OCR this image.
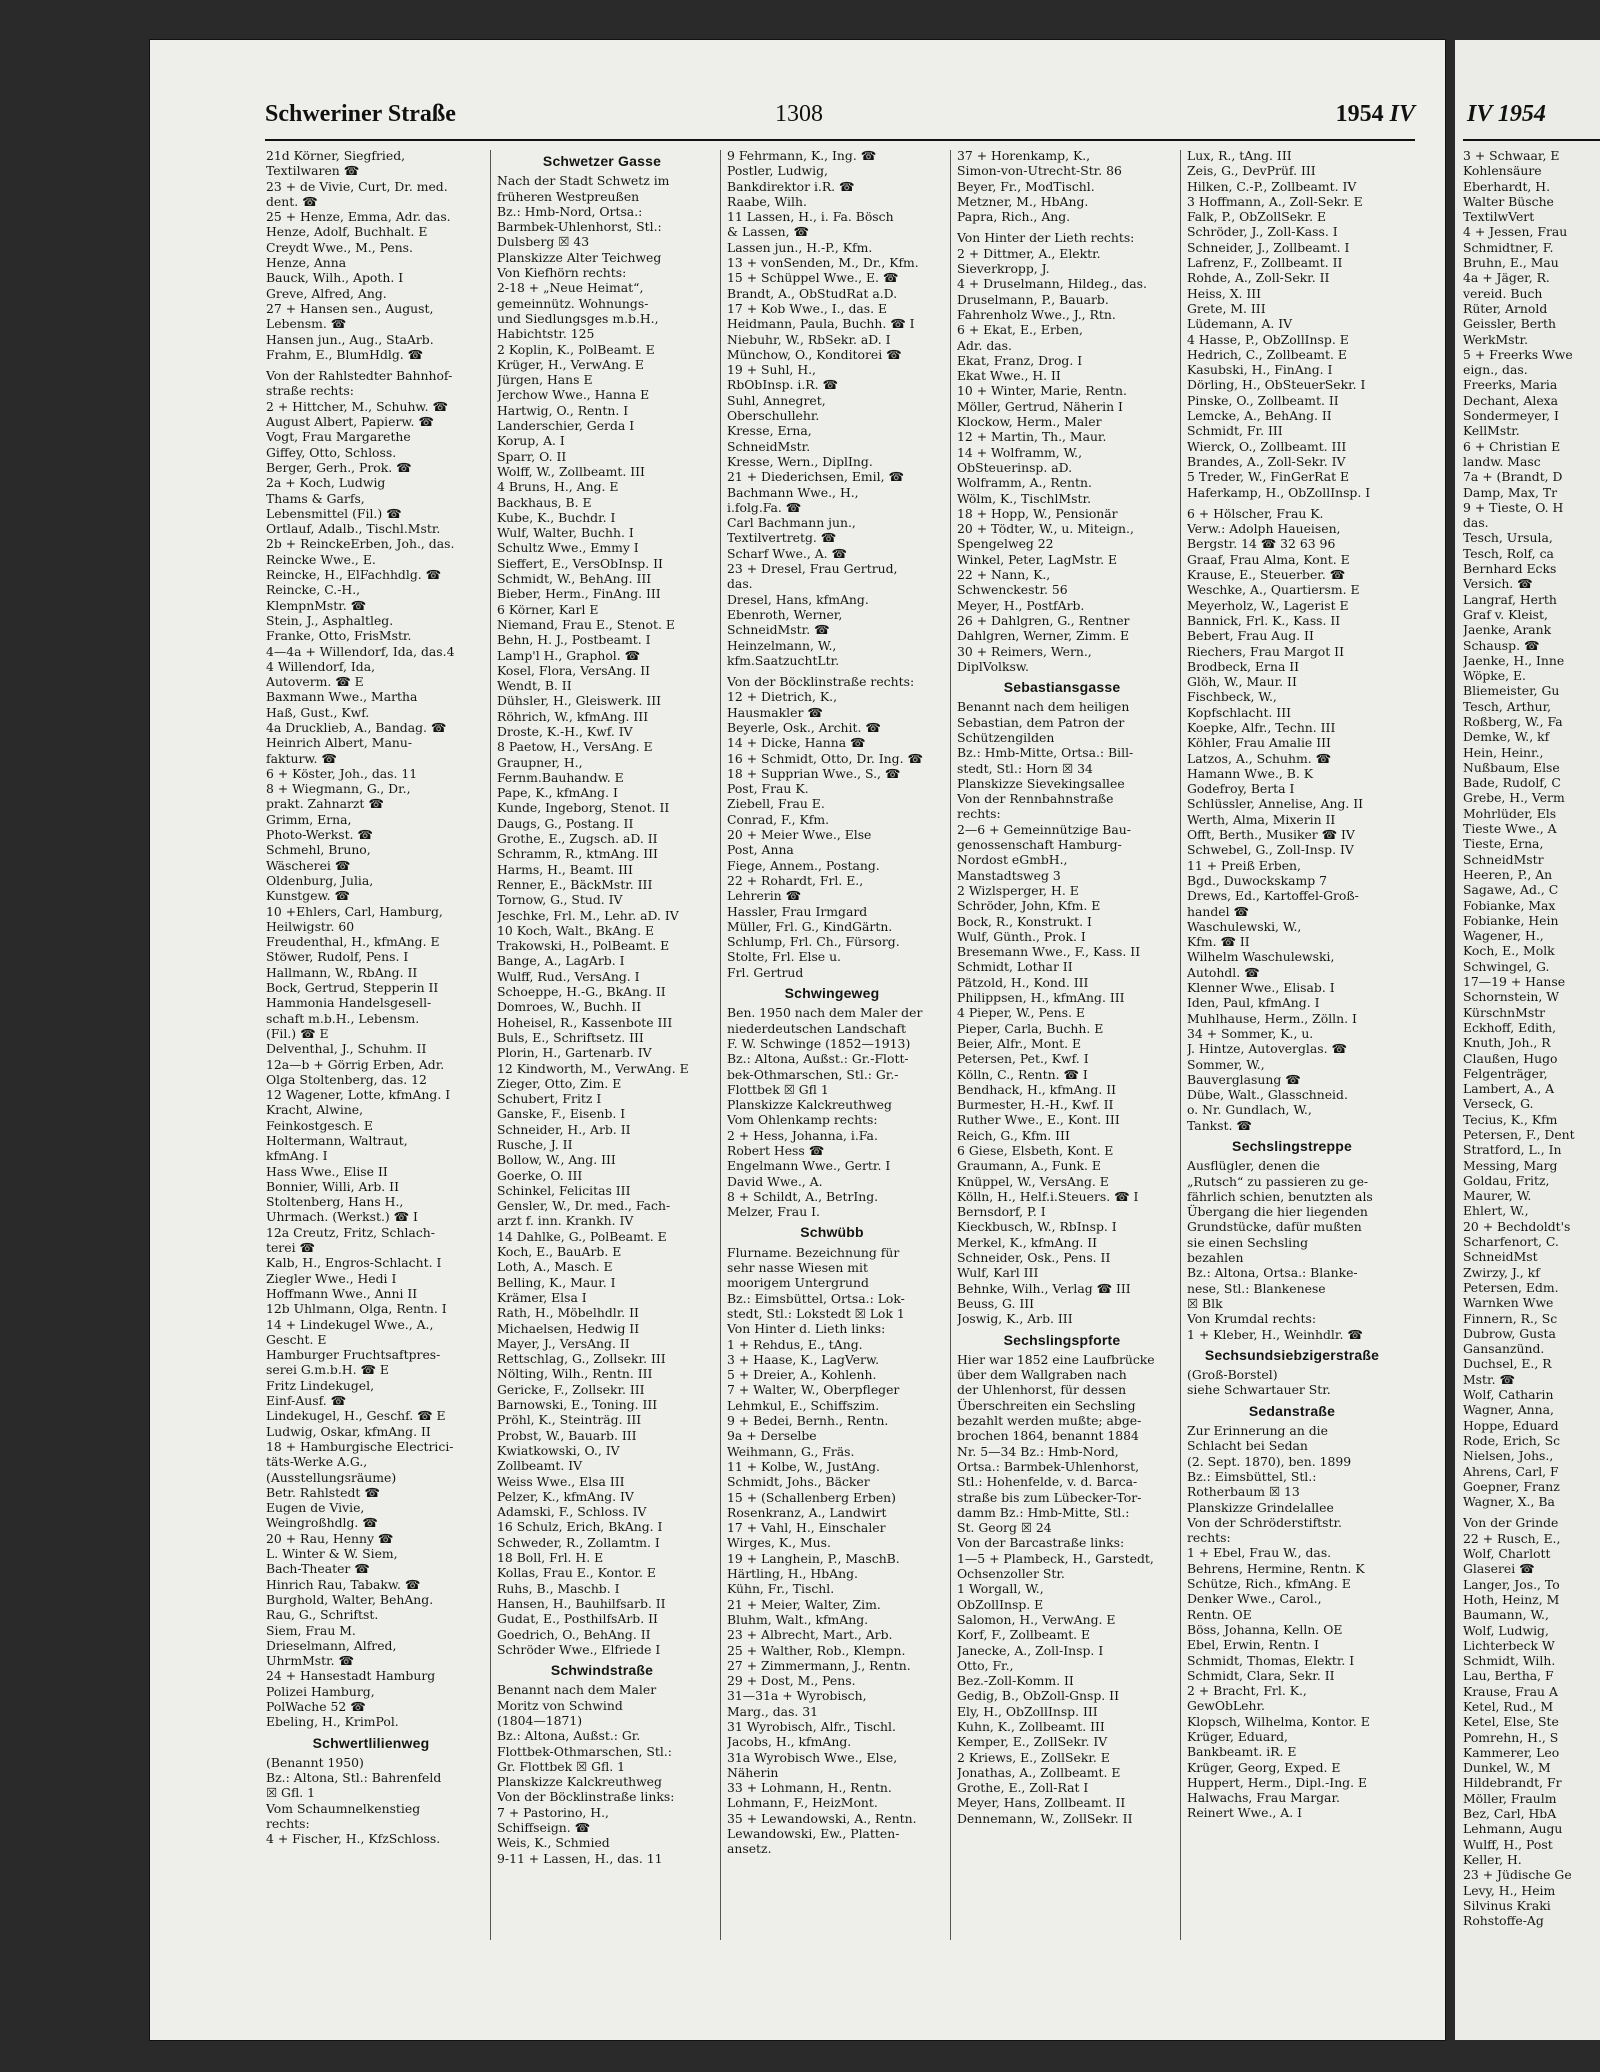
Schweriner Straße	1308	1954 IV
21d Körner, Siegfried,
Textilwaren ☎
23 + de Vivie, Curt, Dr. med.
dent. ☎
25 + Henze, Emma, Adr. das.
Henze, Adolf, Buchhalt. E
Creydt Wwe., M., Pens.
Henze, Anna
Bauck, Wilh., Apoth. I
Greve, Alfred, Ang.
27 + Hansen sen., August,
Lebensm. ☎
Hansen jun., Aug., StaArb.
Frahm, E., BlumHdlg. ☎
Von der Rahlstedter Bahnhof-
straße rechts:
2 + Hittcher, M., Schuhw. ☎
August Albert, Papierw. ☎
Vogt, Frau Margarethe
Giffey, Otto, Schloss.
Berger, Gerh., Prok. ☎
2a + Koch, Ludwig
Thams & Garfs,
Lebensmittel (Fil.) ☎
Ortlauf, Adalb., Tischl.Mstr.
2b + ReinckeErben, Joh., das.
Reincke Wwe., E.
Reincke, H., ElFachhdlg. ☎
Reincke, C.-H.,
KlempnMstr. ☎
Stein, J., Asphaltleg.
Franke, Otto, FrisMstr.
4—4a + Willendorf, Ida, das.4
4 Willendorf, Ida,
Autoverm. ☎ E
Baxmann Wwe., Martha
Haß, Gust., Kwf.
4a Drucklieb, A., Bandag. ☎
Heinrich Albert, Manu-
fakturw. ☎
6 + Köster, Joh., das. 11
8 + Wiegmann, G., Dr.,
prakt. Zahnarzt ☎
Grimm, Erna,
Photo-Werkst. ☎
Schmehl, Bruno,
Wäscherei ☎
Oldenburg, Julia,
Kunstgew. ☎
10 +Ehlers, Carl, Hamburg,
Heilwigstr. 60
Freudenthal, H., kfmAng. E
Stöwer, Rudolf, Pens. I
Hallmann, W., RbAng. II
Bock, Gertrud, Stepperin II
Hammonia Handelsgesell-
schaft m.b.H., Lebensm.
(Fil.) ☎ E
Delventhal, J., Schuhm. II
12a—b + Görrig Erben, Adr.
Olga Stoltenberg, das. 12
12 Wagener, Lotte, kfmAng. I
Kracht, Alwine,
Feinkostgesch. E
Holtermann, Waltraut,
kfmAng. I
Hass Wwe., Elise II
Bonnier, Willi, Arb. II
Stoltenberg, Hans H.,
Uhrmach. (Werkst.) ☎ I
12a Creutz, Fritz, Schlach-
terei ☎
Kalb, H., Engros-Schlacht. I
Ziegler Wwe., Hedi I
Hoffmann Wwe., Anni II
12b Uhlmann, Olga, Rentn. I
14 + Lindekugel Wwe., A.,
Gescht. E
Hamburger Fruchtsaftpres-
serei G.m.b.H. ☎ E
Fritz Lindekugel,
Einf-Ausf. ☎
Lindekugel, H., Geschf. ☎ E
Ludwig, Oskar, kfmAng. II
18 + Hamburgische Electrici-
täts-Werke A.G.,
(Ausstellungsräume)
Betr. Rahlstedt ☎
Eugen de Vivie,
Weingroßhdlg. ☎
20 + Rau, Henny ☎
L. Winter & W. Siem,
Bach-Theater ☎
Hinrich Rau, Tabakw. ☎
Burghold, Walter, BehAng.
Rau, G., Schriftst.
Siem, Frau M.
Drieselmann, Alfred,
UhrmMstr. ☎
24 + Hansestadt Hamburg
Polizei Hamburg,
PolWache 52 ☎
Ebeling, H., KrimPol.
Schwertlilienweg
(Benannt 1950)
Bz.: Altona, Stl.: Bahrenfeld
☒ Gfl. 1
Vom Schaumnelkenstieg
rechts:
4 + Fischer, H., KfzSchloss.
Schwetzer Gasse
Nach der Stadt Schwetz im
früheren Westpreußen
Bz.: Hmb-Nord, Ortsa.:
Barmbek-Uhlenhorst, Stl.:
Dulsberg ☒ 43
Planskizze Alter Teichweg
Von Kiefhörn rechts:
2-18 + „Neue Heimat“,
gemeinnütz. Wohnungs-
und Siedlungsges m.b.H.,
Habichtstr. 125
2 Koplin, K., PolBeamt. E
Krüger, H., VerwAng. E
Jürgen, Hans E
Jerchow Wwe., Hanna E
Hartwig, O., Rentn. I
Landerschier, Gerda I
Korup, A. I
Sparr, O. II
Wolff, W., Zollbeamt. III
4 Bruns, H., Ang. E
Backhaus, B. E
Kube, K., Buchdr. I
Wulf, Walter, Buchh. I
Schultz Wwe., Emmy I
Sieffert, E., VersObInsp. II
Schmidt, W., BehAng. III
Bieber, Herm., FinAng. III
6 Körner, Karl E
Niemand, Frau E., Stenot. E
Behn, H. J., Postbeamt. I
Lamp'l H., Graphol. ☎
Kosel, Flora, VersAng. II
Wendt, B. II
Dühsler, H., Gleiswerk. III
Röhrich, W., kfmAng. III
Droste, K.-H., Kwf. IV
8 Paetow, H., VersAng. E
Graupner, H.,
Fernm.Bauhandw. E
Pape, K., kfmAng. I
Kunde, Ingeborg, Stenot. II
Daugs, G., Postang. II
Grothe, E., Zugsch. aD. II
Schramm, R., ktmAng. III
Harms, H., Beamt. III
Renner, E., BäckMstr. III
Tornow, G., Stud. IV
Jeschke, Frl. M., Lehr. aD. IV
10 Koch, Walt., BkAng. E
Trakowski, H., PolBeamt. E
Bange, A., LagArb. I
Wulff, Rud., VersAng. I
Schoeppe, H.-G., BkAng. II
Domroes, W., Buchh. II
Hoheisel, R., Kassenbote III
Buls, E., Schriftsetz. III
Plorin, H., Gartenarb. IV
12 Kindworth, M., VerwAng. E
Zieger, Otto, Zim. E
Schubert, Fritz I
Ganske, F., Eisenb. I
Schneider, H., Arb. II
Rusche, J. II
Bollow, W., Ang. III
Goerke, O. III
Schinkel, Felicitas III
Gensler, W., Dr. med., Fach-
arzt f. inn. Krankh. IV
14 Dahlke, G., PolBeamt. E
Koch, E., BauArb. E
Loth, A., Masch. E
Belling, K., Maur. I
Krämer, Elsa I
Rath, H., Möbelhdlr. II
Michaelsen, Hedwig II
Mayer, J., VersAng. II
Rettschlag, G., Zollsekr. III
Nölting, Wilh., Rentn. III
Gericke, F., Zollsekr. III
Barnowski, E., Toning. III
Pröhl, K., Steinträg. III
Probst, W., Bauarb. III
Kwiatkowski, O., IV
Zollbeamt. IV
Weiss Wwe., Elsa III
Pelzer, K., kfmAng. IV
Adamski, F., Schloss. IV
16 Schulz, Erich, BkAng. I
Schweder, R., Zollamtm. I
18 Boll, Frl. H. E
Kollas, Frau E., Kontor. E
Ruhs, B., Maschb. I
Hansen, H., Bauhilfsarb. II
Gudat, E., PosthilfsArb. II
Goedrich, O., BehAng. II
Schröder Wwe., Elfriede I
Schwindstraße
Benannt nach dem Maler
Moritz von Schwind
(1804—1871)
Bz.: Altona, Außst.: Gr.
Flottbek-Othmarschen, Stl.:
Gr. Flottbek ☒ Gfl. 1
Planskizze Kalckreuthweg
Von der Böcklinstraße links:
7 + Pastorino, H.,
Schiffseign. ☎
Weis, K., Schmied
9-11 + Lassen, H., das. 11
9 Fehrmann, K., Ing. ☎
Postler, Ludwig,
Bankdirektor i.R. ☎
Raabe, Wilh.
11 Lassen, H., i. Fa. Bösch
& Lassen, ☎
Lassen jun., H.-P., Kfm.
13 + vonSenden, M., Dr., Kfm.
15 + Schüppel Wwe., E. ☎
Brandt, A., ObStudRat a.D.
17 + Kob Wwe., I., das. E
Heidmann, Paula, Buchh. ☎ I
Niebuhr, W., RbSekr. aD. I
Münchow, O., Konditorei ☎
19 + Suhl, H.,
RbObInsp. i.R. ☎
Suhl, Annegret,
Oberschullehr.
Kresse, Erna,
SchneidMstr.
Kresse, Wern., DiplIng.
21 + Diederichsen, Emil, ☎
Bachmann Wwe., H.,
i.folg.Fa. ☎
Carl Bachmann jun.,
Textilvertretg. ☎
Scharf Wwe., A. ☎
23 + Dresel, Frau Gertrud,
das.
Dresel, Hans, kfmAng.
Ebenroth, Werner,
SchneidMstr. ☎
Heinzelmann, W.,
kfm.SaatzuchtLtr.
Von der Böcklinstraße rechts:
12 + Dietrich, K.,
Hausmakler ☎
Beyerle, Osk., Archit. ☎
14 + Dicke, Hanna ☎
16 + Schmidt, Otto, Dr. Ing. ☎
18 + Supprian Wwe., S., ☎
Post, Frau K.
Ziebell, Frau E.
Conrad, F., Kfm.
20 + Meier Wwe., Else
Post, Anna
Fiege, Annem., Postang.
22 + Rohardt, Frl. E.,
Lehrerin ☎
Hassler, Frau Irmgard
Müller, Frl. G., KindGärtn.
Schlump, Frl. Ch., Fürsorg.
Stolte, Frl. Else u.
Frl. Gertrud
Schwingeweg
Ben. 1950 nach dem Maler der
niederdeutschen Landschaft
F. W. Schwinge (1852—1913)
Bz.: Altona, Außst.: Gr.-Flott-
bek-Othmarschen, Stl.: Gr.-
Flottbek ☒ Gfl 1
Planskizze Kalckreuthweg
Vom Ohlenkamp rechts:
2 + Hess, Johanna, i.Fa.
Robert Hess ☎
Engelmann Wwe., Gertr. I
David Wwe., A.
8 + Schildt, A., BetrIng.
Melzer, Frau I.
Schwübb
Flurname. Bezeichnung für
sehr nasse Wiesen mit
moorigem Untergrund
Bz.: Eimsbüttel, Ortsa.: Lok-
stedt, Stl.: Lokstedt ☒ Lok 1
Von Hinter d. Lieth links:
1 + Rehdus, E., tAng.
3 + Haase, K., LagVerw.
5 + Dreier, A., Kohlenh.
7 + Walter, W., Oberpfleger
Lehmkul, E., Schiffszim.
9 + Bedei, Bernh., Rentn.
9a + Derselbe
Weihmann, G., Fräs.
11 + Kolbe, W., JustAng.
Schmidt, Johs., Bäcker
15 + (Schallenberg Erben)
Rosenkranz, A., Landwirt
17 + Vahl, H., Einschaler
Wirges, K., Mus.
19 + Langhein, P., MaschB.
Härtling, H., HbAng.
Kühn, Fr., Tischl.
21 + Meier, Walter, Zim.
Bluhm, Walt., kfmAng.
23 + Albrecht, Mart., Arb.
25 + Walther, Rob., Klempn.
27 + Zimmermann, J., Rentn.
29 + Dost, M., Pens.
31—31a + Wyrobisch,
Marg., das. 31
31 Wyrobisch, Alfr., Tischl.
Jacobs, H., kfmAng.
31a Wyrobisch Wwe., Else,
Näherin
33 + Lohmann, H., Rentn.
Lohmann, F., HeizMont.
35 + Lewandowski, A., Rentn.
Lewandowski, Ew., Platten-
ansetz.
37 + Horenkamp, K.,
Simon-von-Utrecht-Str. 86
Beyer, Fr., ModTischl.
Metzner, M., HbAng.
Papra, Rich., Ang.
Von Hinter der Lieth rechts:
2 + Dittmer, A., Elektr.
Sieverkropp, J.
4 + Druselmann, Hildeg., das.
Druselmann, P., Bauarb.
Fahrenholz Wwe., J., Rtn.
6 + Ekat, E., Erben,
Adr. das.
Ekat, Franz, Drog. I
Ekat Wwe., H. II
10 + Winter, Marie, Rentn.
Möller, Gertrud, Näherin I
Klockow, Herm., Maler
12 + Martin, Th., Maur.
14 + Wolframm, W.,
ObSteuerinsp. aD.
Wolframm, A., Rentn.
Wölm, K., TischlMstr.
18 + Hopp, W., Pensionär
20 + Tödter, W., u. Miteign.,
Spengelweg 22
Winkel, Peter, LagMstr. E
22 + Nann, K.,
Schwenckestr. 56
Meyer, H., PostfArb.
26 + Dahlgren, G., Rentner
Dahlgren, Werner, Zimm. E
30 + Reimers, Wern.,
DiplVolksw.
Sebastiansgasse
Benannt nach dem heiligen
Sebastian, dem Patron der
Schützengilden
Bz.: Hmb-Mitte, Ortsa.: Bill-
stedt, Stl.: Horn ☒ 34
Planskizze Sievekingsallee
Von der Rennbahnstraße
rechts:
2—6 + Gemeinnützige Bau-
genossenschaft Hamburg-
Nordost eGmbH.,
Manstadtsweg 3
2 Wizlsperger, H. E
Schröder, John, Kfm. E
Bock, R., Konstrukt. I
Wulf, Günth., Prok. I
Bresemann Wwe., F., Kass. II
Schmidt, Lothar II
Pätzold, H., Kond. III
Philippsen, H., kfmAng. III
4 Pieper, W., Pens. E
Pieper, Carla, Buchh. E
Beier, Alfr., Mont. E
Petersen, Pet., Kwf. I
Kölln, C., Rentn. ☎ I
Bendhack, H., kfmAng. II
Burmester, H.-H., Kwf. II
Ruther Wwe., E., Kont. III
Reich, G., Kfm. III
6 Giese, Elsbeth, Kont. E
Graumann, A., Funk. E
Knüppel, W., VersAng. E
Kölln, H., Helf.i.Steuers. ☎ I
Bernsdorf, P. I
Kieckbusch, W., RbInsp. I
Merkel, K., kfmAng. II
Schneider, Osk., Pens. II
Wulf, Karl III
Behnke, Wilh., Verlag ☎ III
Beuss, G. III
Joswig, K., Arb. III
Sechslingspforte
Hier war 1852 eine Laufbrücke
über dem Wallgraben nach
der Uhlenhorst, für dessen
Überschreiten ein Sechsling
bezahlt werden mußte; abge-
brochen 1864, benannt 1884
Nr. 5—34 Bz.: Hmb-Nord,
Ortsa.: Barmbek-Uhlenhorst,
Stl.: Hohenfelde, v. d. Barca-
straße bis zum Lübecker-Tor-
damm Bz.: Hmb-Mitte, Stl.:
St. Georg ☒ 24
Von der Barcastraße links:
1—5 + Plambeck, H., Garstedt,
Ochsenzoller Str.
1 Worgall, W.,
ObZollInsp. E
Salomon, H., VerwAng. E
Korf, F., Zollbeamt. E
Janecke, A., Zoll-Insp. I
Otto, Fr.,
Bez.-Zoll-Komm. II
Gedig, B., ObZoll-Gnsp. II
Ely, H., ObZollInsp. III
Kuhn, K., Zollbeamt. III
Kemper, E., ZollSekr. IV
2 Kriews, E., ZollSekr. E
Jonathas, A., Zollbeamt. E
Grothe, E., Zoll-Rat I
Meyer, Hans, Zollbeamt. II
Dennemann, W., ZollSekr. II
Lux, R., tAng. III
Zeis, G., DevPrüf. III
Hilken, C.-P., Zollbeamt. IV
3 Hoffmann, A., Zoll-Sekr. E
Falk, P., ObZollSekr. E
Schröder, J., Zoll-Kass. I
Schneider, J., Zollbeamt. I
Lafrenz, F., Zollbeamt. II
Rohde, A., Zoll-Sekr. II
Heiss, X. III
Grete, M. III
Lüdemann, A. IV
4 Hasse, P., ObZollInsp. E
Hedrich, C., Zollbeamt. E
Kasubski, H., FinAng. I
Dörling, H., ObSteuerSekr. I
Pinske, O., Zollbeamt. II
Lemcke, A., BehAng. II
Schmidt, Fr. III
Wierck, O., Zollbeamt. III
Brandes, A., Zoll-Sekr. IV
5 Treder, W., FinGerRat E
Haferkamp, H., ObZollInsp. I
6 + Hölscher, Frau K.
Verw.: Adolph Haueisen,
Bergstr. 14 ☎ 32 63 96
Graaf, Frau Alma, Kont. E
Krause, E., Steuerber. ☎
Weschke, A., Quartiersm. E
Meyerholz, W., Lagerist E
Bannick, Frl. K., Kass. II
Bebert, Frau Aug. II
Riechers, Frau Margot II
Brodbeck, Erna II
Glöh, W., Maur. II
Fischbeck, W.,
Kopfschlacht. III
Koepke, Alfr., Techn. III
Köhler, Frau Amalie III
Latzos, A., Schuhm. ☎
Hamann Wwe., B. K
Godefroy, Berta I
Schlüssler, Annelise, Ang. II
Werth, Alma, Mixerin II
Offt, Berth., Musiker ☎ IV
Schwebel, G., Zoll-Insp. IV
11 + Preiß Erben,
Bgd., Duwockskamp 7
Drews, Ed., Kartoffel-Groß-
handel ☎
Waschulewski, W.,
Kfm. ☎ II
Wilhelm Waschulewski,
Autohdl. ☎
Klenner Wwe., Elisab. I
Iden, Paul, kfmAng. I
Muhlhause, Herm., Zölln. I
34 + Sommer, K., u.
J. Hintze, Autoverglas. ☎
Sommer, W.,
Bauverglasung ☎
Dübe, Walt., Glasschneid.
o. Nr. Gundlach, W.,
Tankst. ☎
Sechslingstreppe
Ausflügler, denen die
„Rutsch“ zu passieren zu ge-
fährlich schien, benutzten als
Übergang die hier liegenden
Grundstücke, dafür mußten
sie einen Sechsling
bezahlen
Bz.: Altona, Ortsa.: Blanke-
nese, Stl.: Blankenese
☒ Blk
Von Krumdal rechts:
1 + Kleber, H., Weinhdlr. ☎
Sechsundsiebzigerstraße
(Groß-Borstel)
siehe Schwartauer Str.
Sedanstraße
Zur Erinnerung an die
Schlacht bei Sedan
(2. Sept. 1870), ben. 1899
Bz.: Eimsbüttel, Stl.:
Rotherbaum ☒ 13
Planskizze Grindelallee
Von der Schröderstiftstr.
rechts:
1 + Ebel, Frau W., das.
Behrens, Hermine, Rentn. K
Schütze, Rich., kfmAng. E
Denker Wwe., Carol.,
Rentn. OE
Böss, Johanna, Kelln. OE
Ebel, Erwin, Rentn. I
Schmidt, Thomas, Elektr. I
Schmidt, Clara, Sekr. II
2 + Bracht, Frl. K.,
GewObLehr.
Klopsch, Wilhelma, Kontor. E
Krüger, Eduard,
Bankbeamt. iR. E
Krüger, Georg, Exped. E
Huppert, Herm., Dipl.-Ing. E
Halwachs, Frau Margar.
Reinert Wwe., A. I
IV 1954
3 + Schwaar, E
Kohlensäure
Eberhardt, H.
Walter Büsche
TextilwVert
4 + Jessen, Frau
Schmidtner, F.
Bruhn, E., Mau
4a + Jäger, R.
vereid. Buch
Rüter, Arnold
Geissler, Berth
WerkMstr.
5 + Freerks Wwe
eign., das.
Freerks, Maria
Dechant, Alexa
Sondermeyer, I
KellMstr.
6 + Christian E
landw. Masc
7a + (Brandt, D
Damp, Max, Tr
9 + Tieste, O. H
das.
Tesch, Ursula,
Tesch, Rolf, ca
Bernhard Ecks
Versich. ☎
Langraf, Herth
Graf v. Kleist,
Jaenke, Arank
Schausp. ☎
Jaenke, H., Inne
Wöpke, E.
Bliemeister, Gu
Tesch, Arthur,
Roßberg, W., Fa
Demke, W., kf
Hein, Heinr.,
Nußbaum, Else
Bade, Rudolf, C
Grebe, H., Verm
Mohrlüder, Els
Tieste Wwe., A
Tieste, Erna,
SchneidMstr
Heeren, P., An
Sagawe, Ad., C
Fobianke, Max
Fobianke, Hein
Wagener, H.,
Koch, E., Molk
Schwingel, G.
17—19 + Hanse
Schornstein, W
KürschnMstr
Eckhoff, Edith,
Knuth, Joh., R
Claußen, Hugo
Felgenträger,
Lambert, A., A
Verseck, G.
Tecius, K., Kfm
Petersen, F., Dent
Stratford, L., In
Messing, Marg
Goldau, Fritz,
Maurer, W.
Ehlert, W.,
20 + Bechdoldt's
Scharfenort, C.
SchneidMst
Zwirzy, J., kf
Petersen, Edm.
Warnken Wwe
Finnern, R., Sc
Dubrow, Gusta
Gansanzünd.
Duchsel, E., R
Mstr. ☎
Wolf, Catharin
Wagner, Anna,
Hoppe, Eduard
Rode, Erich, Sc
Nielsen, Johs.,
Ahrens, Carl, F
Goepner, Franz
Wagner, X., Ba
Von der Grinde
22 + Rusch, E.,
Wolf, Charlott
Glaserei ☎
Langer, Jos., To
Hoth, Heinz, M
Baumann, W.,
Wolf, Ludwig,
Lichterbeck W
Schmidt, Wilh.
Lau, Bertha, F
Krause, Frau A
Ketel, Rud., M
Ketel, Else, Ste
Pomrehn, H., S
Kammerer, Leo
Dunkel, W., M
Hildebrandt, Fr
Möller, Fraulm
Bez, Carl, HbA
Lehmann, Augu
Wulff, H., Post
Keller, H.
23 + Jüdische Ge
Levy, H., Heim
Silvinus Kraki
Rohstoffe-Ag
